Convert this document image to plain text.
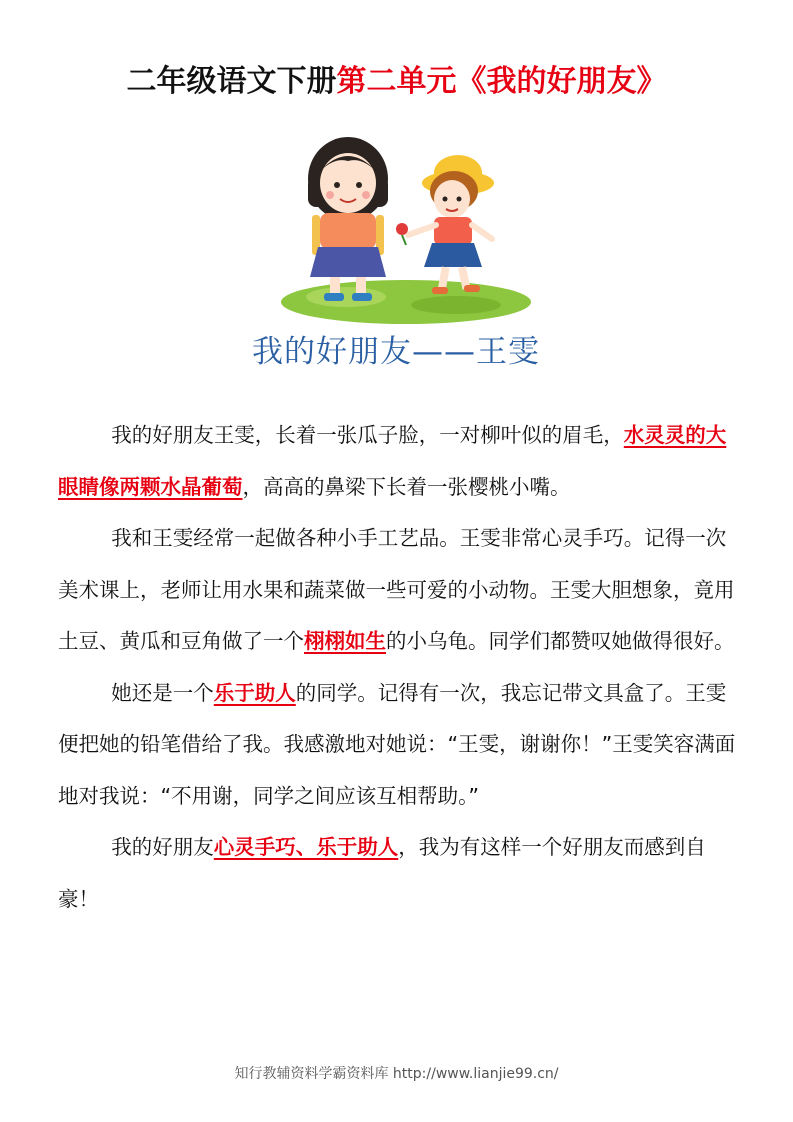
二年级语文下册第二单元《我的好朋友》
我的好朋友——王雯

我的好朋友王雯，长着一张瓜子脸，一对柳叶似的眉毛，水灵灵的大眼睛像两颗水晶葡萄，高高的鼻梁下长着一张樱桃小嘴。

我和王雯经常一起做各种小手工艺品。王雯非常心灵手巧。记得一次美术课上，老师让用水果和蔬菜做一些可爱的小动物。王雯大胆想象，竟用土豆、黄瓜和豆角做了一个栩栩如生的小乌龟。同学们都赞叹她做得很好。

她还是一个乐于助人的同学。记得有一次，我忘记带文具盒了。王雯便把她的铅笔借给了我。我感激地对她说：“王雯，谢谢你！”王雯笑容满面地对我说：“不用谢，同学之间应该互相帮助。”

我的好朋友心灵手巧、乐于助人，我为有这样一个好朋友而感到自豪！

知行教辅资料学霸资料库 http://www.lianjie99.cn/
